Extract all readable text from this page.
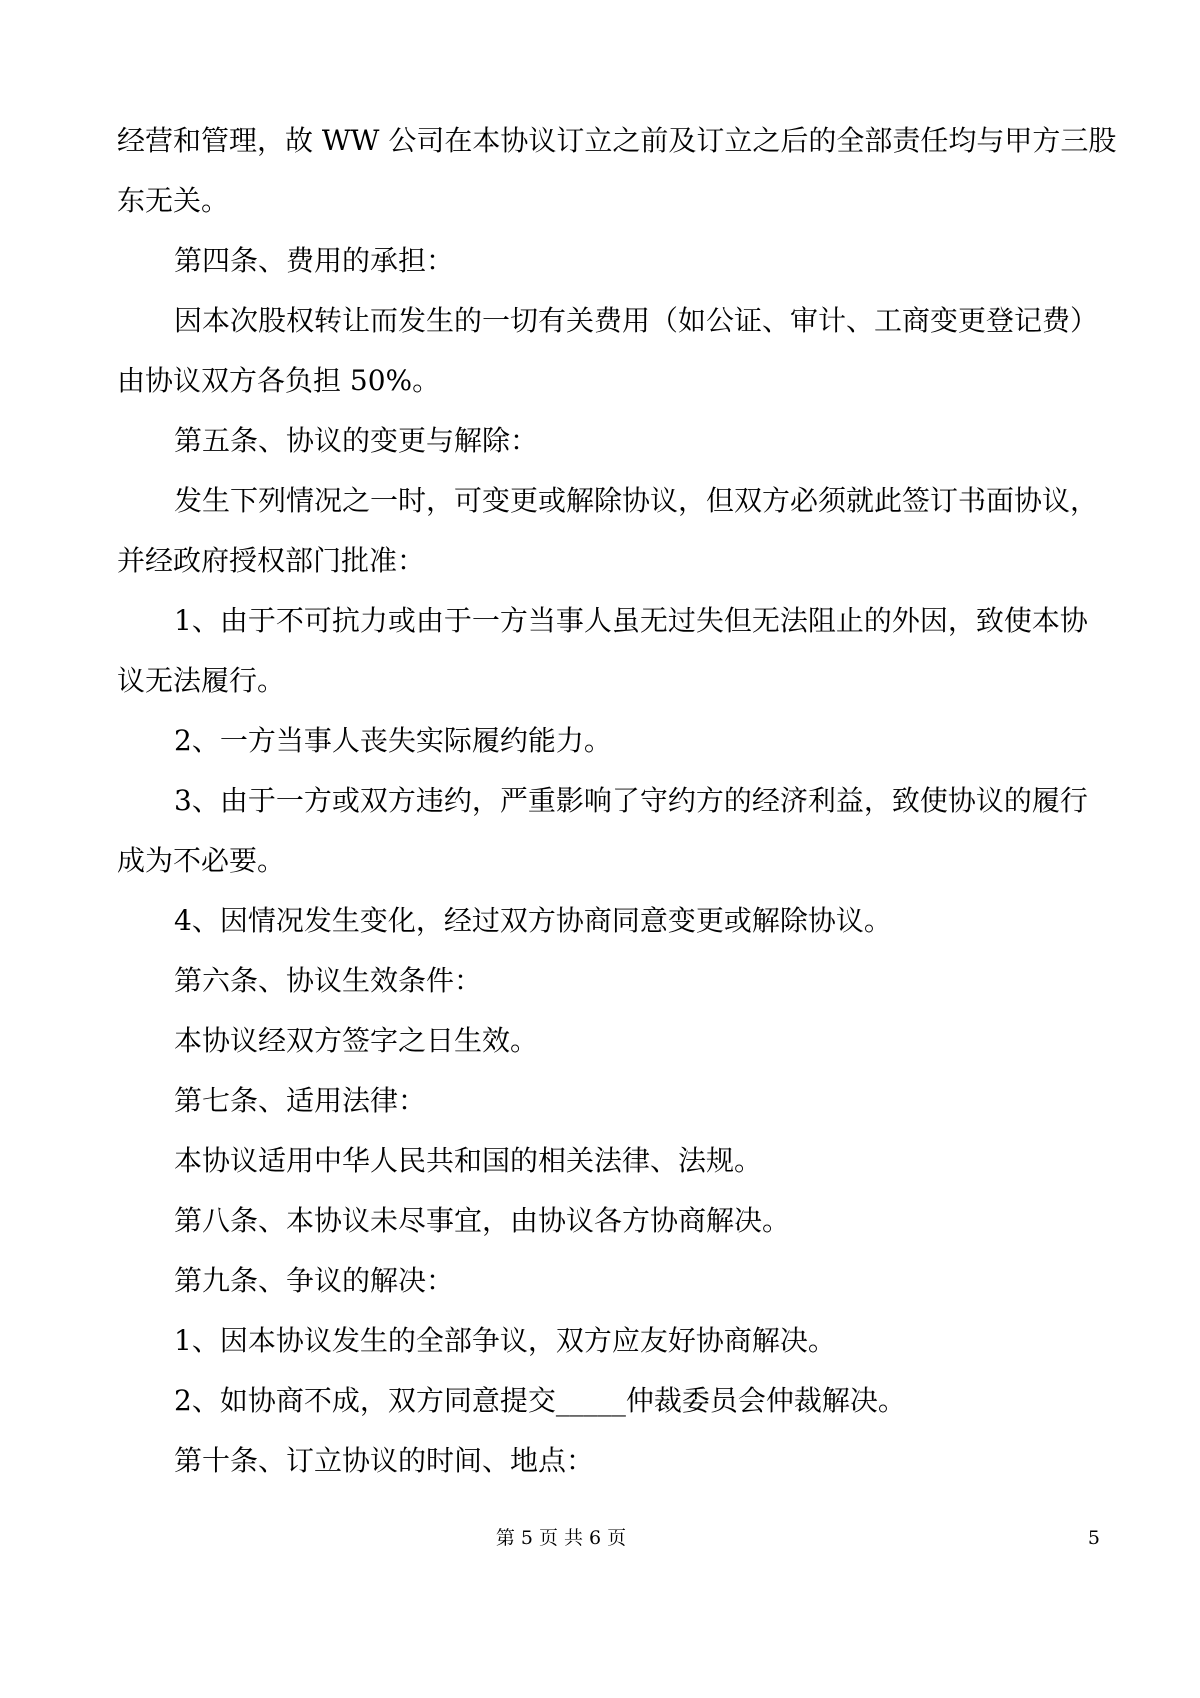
经营和管理，故 WW 公司在本协议订立之前及订立之后的全部责任均与甲方三股

东无关。

第四条、费用的承担：

因本次股权转让而发生的一切有关费用（如公证、审计、工商变更登记费）

由协议双方各负担 50%。

第五条、协议的变更与解除：

发生下列情况之一时，可变更或解除协议，但双方必须就此签订书面协议，

并经政府授权部门批准：

1、由于不可抗力或由于一方当事人虽无过失但无法阻止的外因，致使本协

议无法履行。

2、一方当事人丧失实际履约能力。

3、由于一方或双方违约，严重影响了守约方的经济利益，致使协议的履行

成为不必要。

4、因情况发生变化，经过双方协商同意变更或解除协议。

第六条、协议生效条件：

本协议经双方签字之日生效。

第七条、适用法律：

本协议适用中华人民共和国的相关法律、法规。

第八条、本协议未尽事宜，由协议各方协商解决。

第九条、争议的解决：

1、因本协议发生的全部争议，双方应友好协商解决。

2、如协商不成，双方同意提交_____仲裁委员会仲裁解决。

第十条、订立协议的时间、地点：

第 5 页 共 6 页	5
